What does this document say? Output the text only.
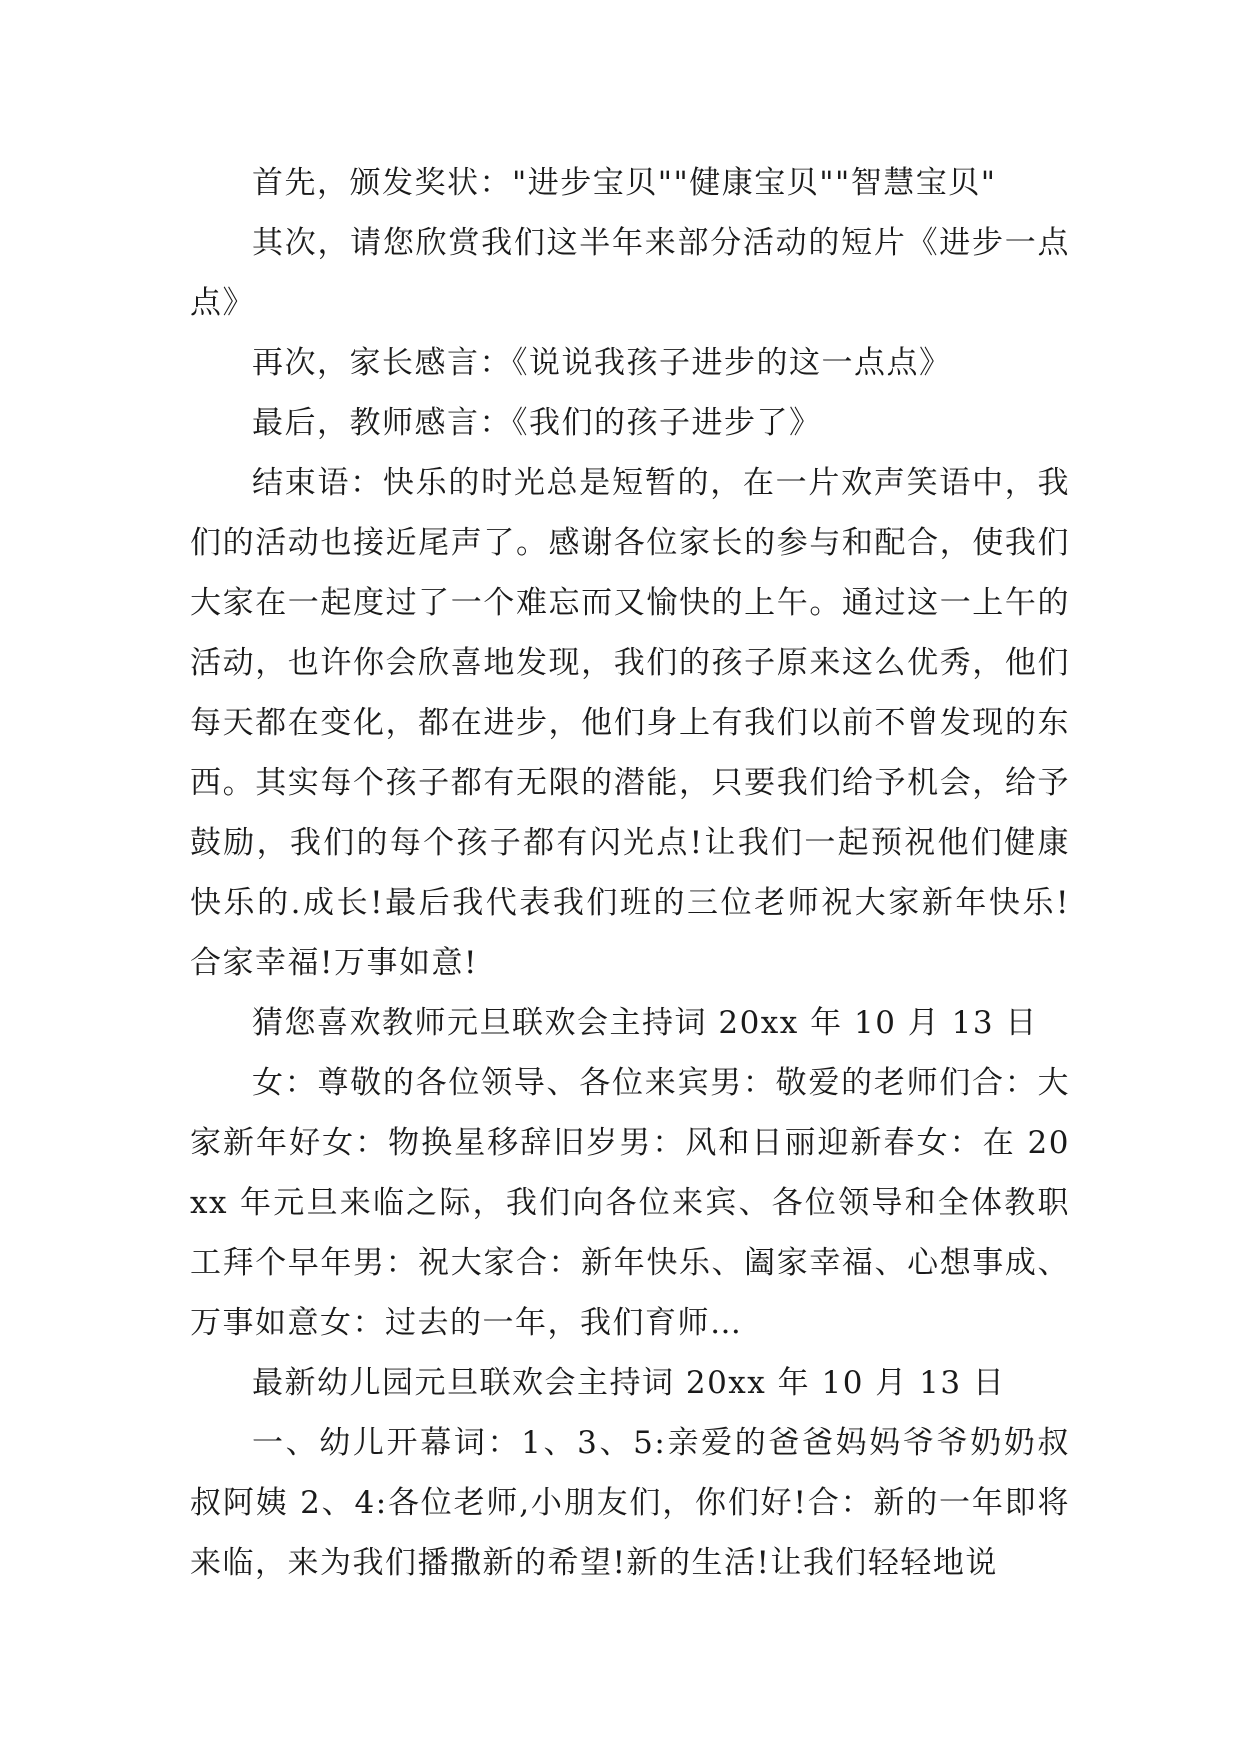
首先，颁发奖状："进步宝贝""健康宝贝""智慧宝贝"

其次，请您欣赏我们这半年来部分活动的短片《进步一点点》

再次，家长感言：《说说我孩子进步的这一点点》

最后，教师感言：《我们的孩子进步了》

结束语：快乐的时光总是短暂的，在一片欢声笑语中，我们的活动也接近尾声了。感谢各位家长的参与和配合，使我们大家在一起度过了一个难忘而又愉快的上午。通过这一上午的活动，也许你会欣喜地发现，我们的孩子原来这么优秀，他们每天都在变化，都在进步，他们身上有我们以前不曾发现的东西。其实每个孩子都有无限的潜能，只要我们给予机会，给予鼓励，我们的每个孩子都有闪光点!让我们一起预祝他们健康快乐的.成长!最后我代表我们班的三位老师祝大家新年快乐!合家幸福!万事如意!

猜您喜欢教师元旦联欢会主持词 20xx 年 10 月 13 日

女：尊敬的各位领导、各位来宾男：敬爱的老师们合：大家新年好女：物换星移辞旧岁男：风和日丽迎新春女：在 20xx 年元旦来临之际，我们向各位来宾、各位领导和全体教职工拜个早年男：祝大家合：新年快乐、阖家幸福、心想事成、万事如意女：过去的一年，我们育师…

最新幼儿园元旦联欢会主持词 20xx 年 10 月 13 日

一、幼儿开幕词：1、3、5:亲爱的爸爸妈妈爷爷奶奶叔叔阿姨 2、4:各位老师,小朋友们，你们好!合：新的一年即将来临，来为我们播撒新的希望!新的生活!让我们轻轻地说
